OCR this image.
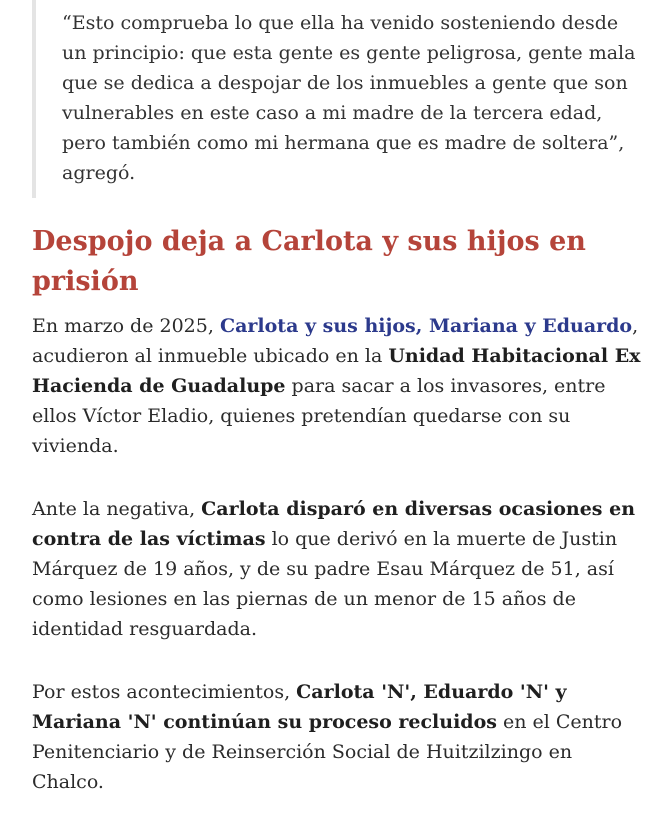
“Esto comprueba lo que ella ha venido sosteniendo desde un principio: que esta gente es gente peligrosa, gente mala que se dedica a despojar de los inmuebles a gente que son vulnerables en este caso a mi madre de la tercera edad, pero también como mi hermana que es madre de soltera”, agregó.

Despojo deja a Carlota y sus hijos en prisión

En marzo de 2025, Carlota y sus hijos, Mariana y Eduardo, acudieron al inmueble ubicado en la Unidad Habitacional Ex Hacienda de Guadalupe para sacar a los invasores, entre ellos Víctor Eladio, quienes pretendían quedarse con su vivienda.

Ante la negativa, Carlota disparó en diversas ocasiones en contra de las víctimas lo que derivó en la muerte de Justin Márquez de 19 años, y de su padre Esau Márquez de 51, así como lesiones en las piernas de un menor de 15 años de identidad resguardada.

Por estos acontecimientos, Carlota 'N', Eduardo 'N' y Mariana 'N' continúan su proceso recluidos en el Centro Penitenciario y de Reinserción Social de Huitzilzingo en Chalco.
